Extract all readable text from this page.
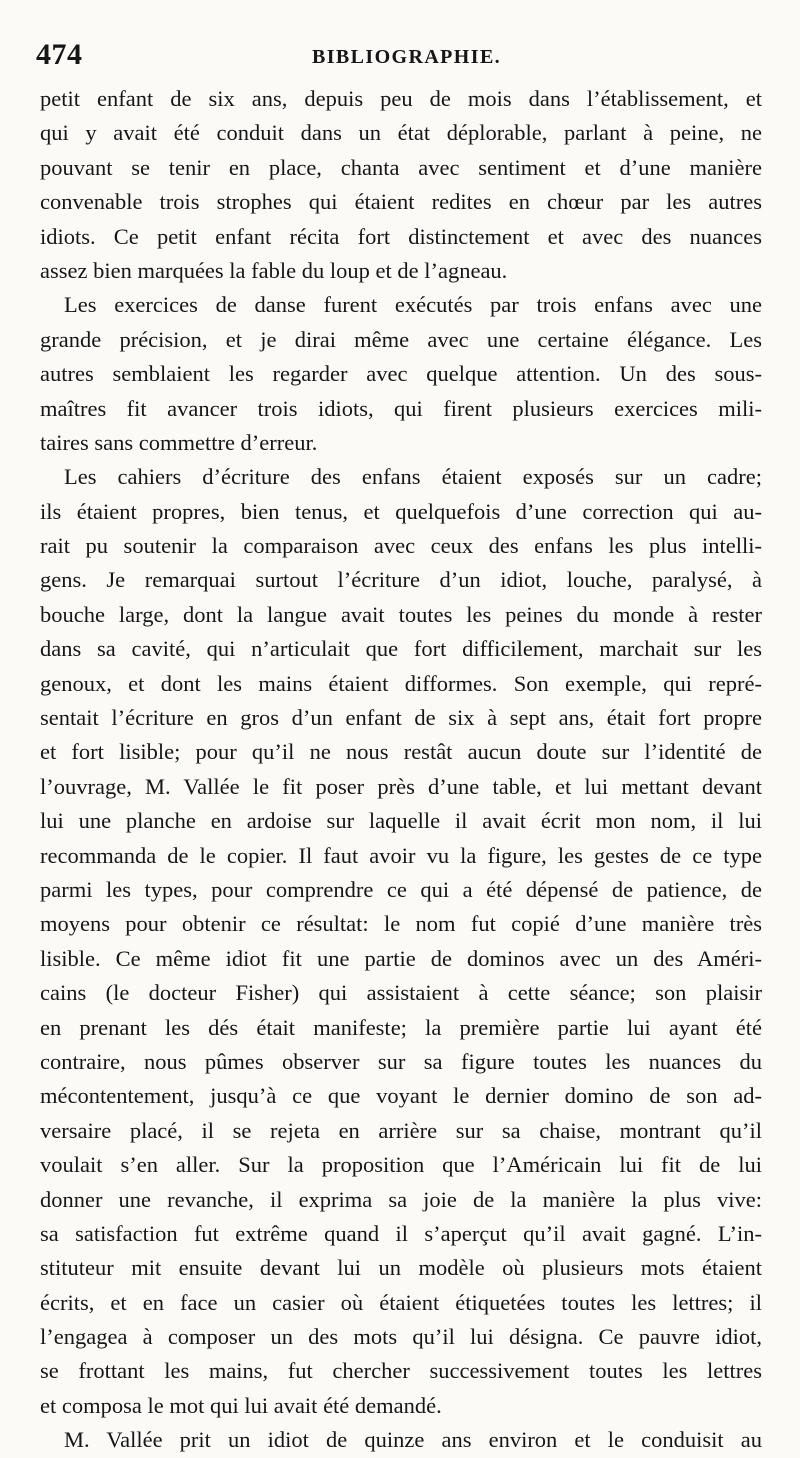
474	BIBLIOGRAPHIE.
petit enfant de six ans, depuis peu de mois dans l’établissement, et
qui y avait été conduit dans un état déplorable, parlant à peine, ne
pouvant se tenir en place, chanta avec sentiment et d’une manière
convenable trois strophes qui étaient redites en chœur par les autres
idiots. Ce petit enfant récita fort distinctement et avec des nuances
assez bien marquées la fable du loup et de l’agneau.
Les exercices de danse furent exécutés par trois enfans avec une
grande précision, et je dirai même avec une certaine élégance. Les
autres semblaient les regarder avec quelque attention. Un des sous-
maîtres fit avancer trois idiots, qui firent plusieurs exercices mili-
taires sans commettre d’erreur.
Les cahiers d’écriture des enfans étaient exposés sur un cadre;
ils étaient propres, bien tenus, et quelquefois d’une correction qui au-
rait pu soutenir la comparaison avec ceux des enfans les plus intelli-
gens. Je remarquai surtout l’écriture d’un idiot, louche, paralysé, à
bouche large, dont la langue avait toutes les peines du monde à rester
dans sa cavité, qui n’articulait que fort difficilement, marchait sur les
genoux, et dont les mains étaient difformes. Son exemple, qui repré-
sentait l’écriture en gros d’un enfant de six à sept ans, était fort propre
et fort lisible; pour qu’il ne nous restât aucun doute sur l’identité de
l’ouvrage, M. Vallée le fit poser près d’une table, et lui mettant devant
lui une planche en ardoise sur laquelle il avait écrit mon nom, il lui
recommanda de le copier. Il faut avoir vu la figure, les gestes de ce type
parmi les types, pour comprendre ce qui a été dépensé de patience, de
moyens pour obtenir ce résultat: le nom fut copié d’une manière très
lisible. Ce même idiot fit une partie de dominos avec un des Améri-
cains (le docteur Fisher) qui assistaient à cette séance; son plaisir
en prenant les dés était manifeste; la première partie lui ayant été
contraire, nous pûmes observer sur sa figure toutes les nuances du
mécontentement, jusqu’à ce que voyant le dernier domino de son ad-
versaire placé, il se rejeta en arrière sur sa chaise, montrant qu’il
voulait s’en aller. Sur la proposition que l’Américain lui fit de lui
donner une revanche, il exprima sa joie de la manière la plus vive:
sa satisfaction fut extrême quand il s’aperçut qu’il avait gagné. L’in-
stituteur mit ensuite devant lui un modèle où plusieurs mots étaient
écrits, et en face un casier où étaient étiquetées toutes les lettres; il
l’engagea à composer un des mots qu’il lui désigna. Ce pauvre idiot,
se frottant les mains, fut chercher successivement toutes les lettres
et composa le mot qui lui avait été demandé.
M. Vallée prit un idiot de quinze ans environ et le conduisit au
